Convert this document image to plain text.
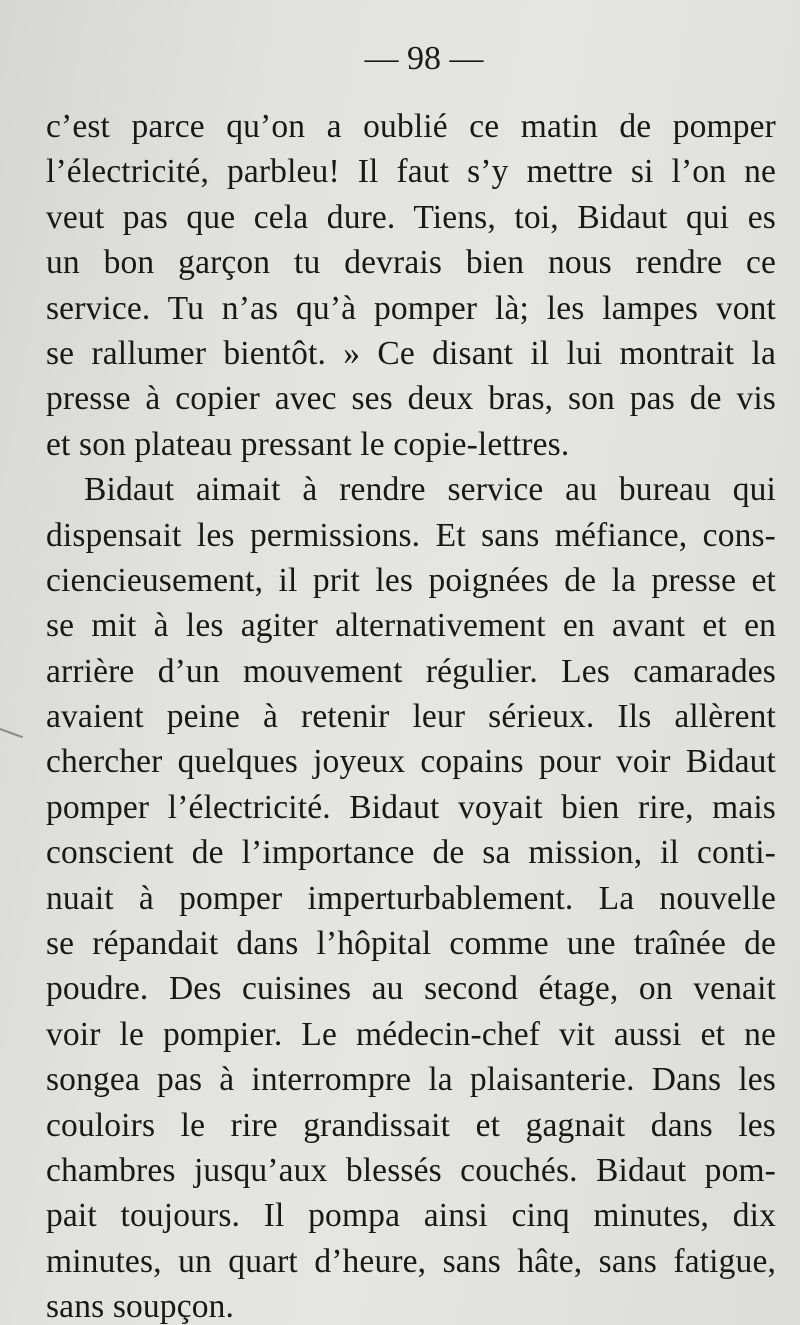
— 98 —
c’est parce qu’on a oublié ce matin de pomper
l’électricité, parbleu! Il faut s’y mettre si l’on ne
veut pas que cela dure. Tiens, toi, Bidaut qui es
un bon garçon tu devrais bien nous rendre ce
service. Tu n’as qu’à pomper là; les lampes vont
se rallumer bientôt. » Ce disant il lui montrait la
presse à copier avec ses deux bras, son pas de vis
et son plateau pressant le copie-lettres.
Bidaut aimait à rendre service au bureau qui
dispensait les permissions. Et sans méfiance, cons-
ciencieusement, il prit les poignées de la presse et
se mit à les agiter alternativement en avant et en
arrière d’un mouvement régulier. Les camarades
avaient peine à retenir leur sérieux. Ils allèrent
chercher quelques joyeux copains pour voir Bidaut
pomper l’électricité. Bidaut voyait bien rire, mais
conscient de l’importance de sa mission, il conti-
nuait à pomper imperturbablement. La nouvelle
se répandait dans l’hôpital comme une traînée de
poudre. Des cuisines au second étage, on venait
voir le pompier. Le médecin-chef vit aussi et ne
songea pas à interrompre la plaisanterie. Dans les
couloirs le rire grandissait et gagnait dans les
chambres jusqu’aux blessés couchés. Bidaut pom-
pait toujours. Il pompa ainsi cinq minutes, dix
minutes, un quart d’heure, sans hâte, sans fatigue,
sans soupçon.
